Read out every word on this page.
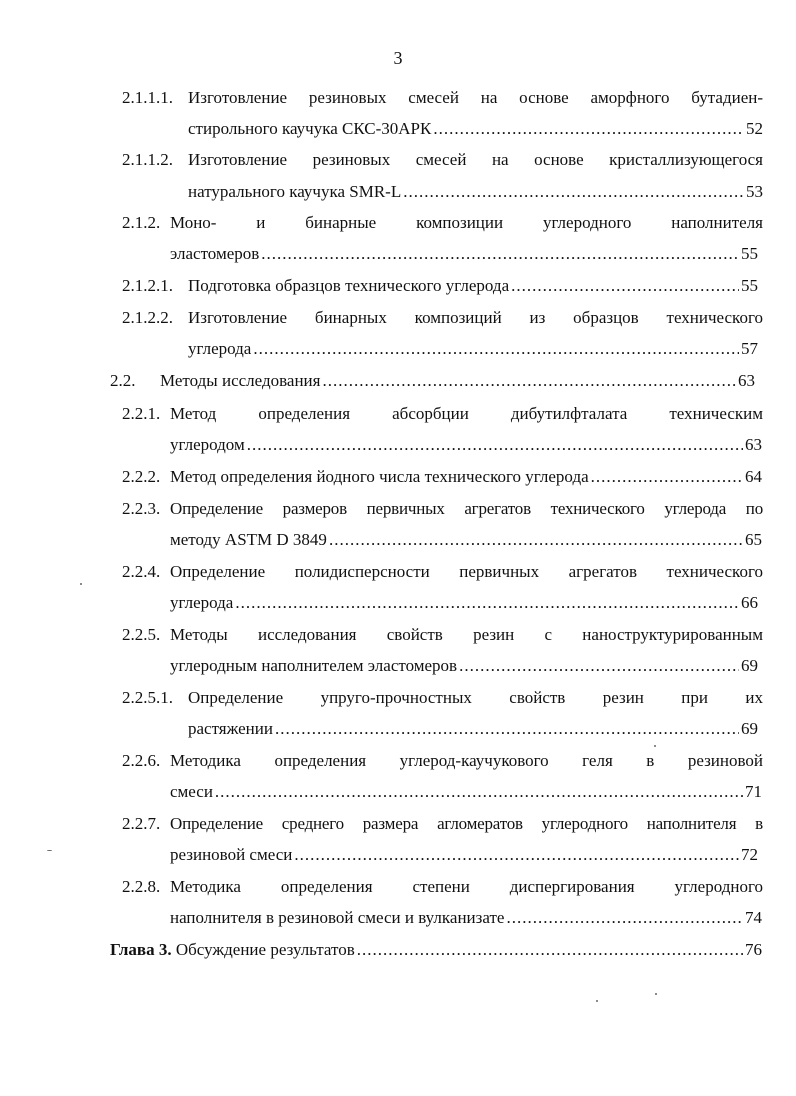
3
2.1.1.1. Изготовление резиновых смесей на основе аморфного бутадиен-
стирольного каучука СКС-30АРК .....	52
2.1.1.2. Изготовление резиновых смесей на основе кристаллизующегося
натурального каучука SMR-L .....	53
2.1.2. Моно- и бинарные композиции углеродного наполнителя
эластомеров .....	55
2.1.2.1. Подготовка образцов технического углерода .....	55
2.1.2.2. Изготовление бинарных композиций из образцов технического
углерода .....	57
2.2. Методы исследования .....	63
2.2.1. Метод определения абсорбции дибутилфталата техническим
углеродом .....	63
2.2.2. Метод определения йодного числа технического углерода .....	64
2.2.3. Определение размеров первичных агрегатов технического углерода по
методу ASTM D 3849 .....	65
2.2.4. Определение полидисперсности первичных агрегатов технического
углерода .....	66
2.2.5. Методы исследования свойств резин с наноструктурированным
углеродным наполнителем эластомеров .....	69
2.2.5.1. Определение упруго-прочностных свойств резин при их
растяжении .....	69
2.2.6. Методика определения углерод-каучукового геля в резиновой
смеси .....	71
2.2.7. Определение среднего размера агломератов углеродного наполнителя в
резиновой смеси .....	72
2.2.8. Методика определения степени диспергирования углеродного
наполнителя в резиновой смеси и вулканизате .....	74
Глава 3. Обсуждение результатов .....	76
